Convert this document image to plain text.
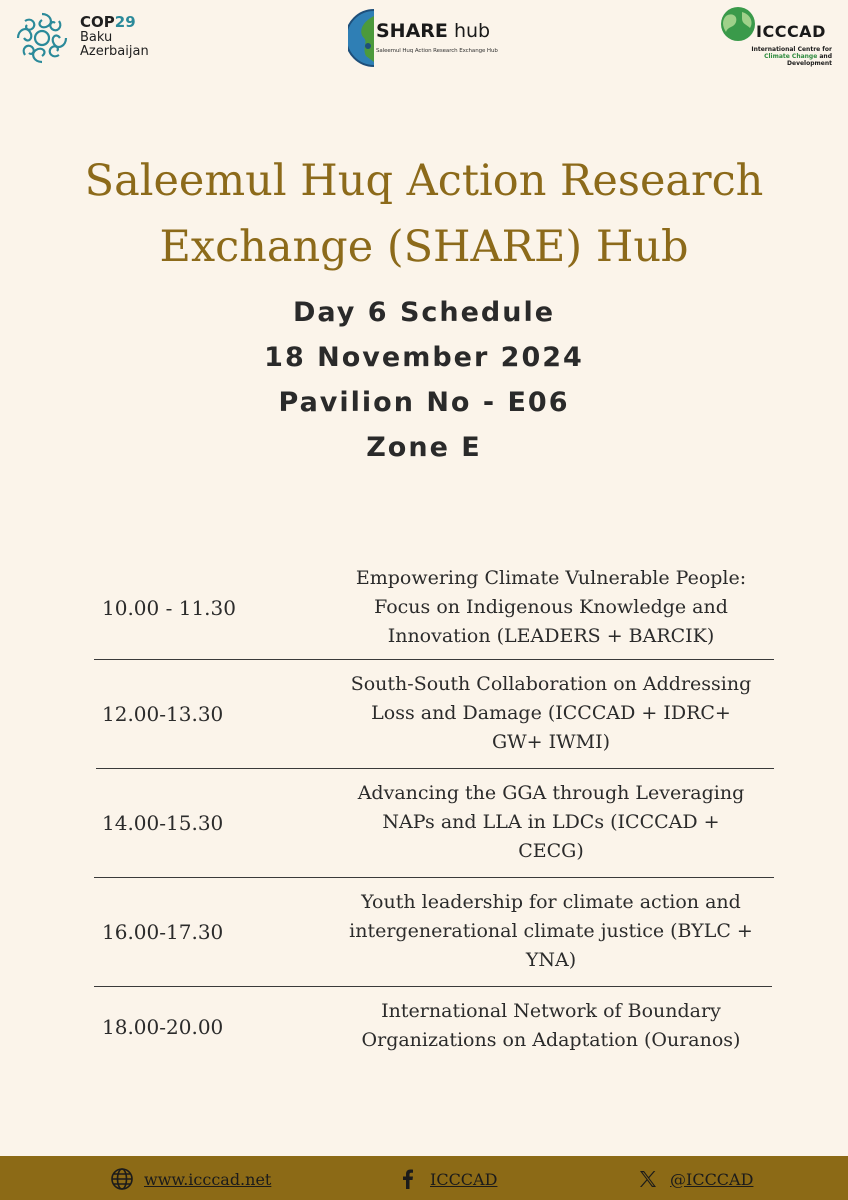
COP29
Baku
Azerbaijan
SHARE hub
Saleemul Huq Action Research Exchange Hub
ICCCAD
International Centre for
Climate Change and
Development
Saleemul Huq Action Research
Exchange (SHARE) Hub
Day 6 Schedule
18 November 2024
Pavilion No - E06
Zone E
10.00 - 11.30
Empowering Climate Vulnerable People:
Focus on Indigenous Knowledge and
Innovation (LEADERS + BARCIK)
12.00-13.30
South-South Collaboration on Addressing
Loss and Damage (ICCCAD + IDRC+
GW+ IWMI)
14.00-15.30
Advancing the GGA through Leveraging
NAPs and LLA in LDCs (ICCCAD +
CECG)
16.00-17.30
Youth leadership for climate action and
intergenerational climate justice (BYLC +
YNA)
18.00-20.00
International Network of Boundary
Organizations on Adaptation (Ouranos)
www.icccad.net	ICCCAD	@ICCCAD
